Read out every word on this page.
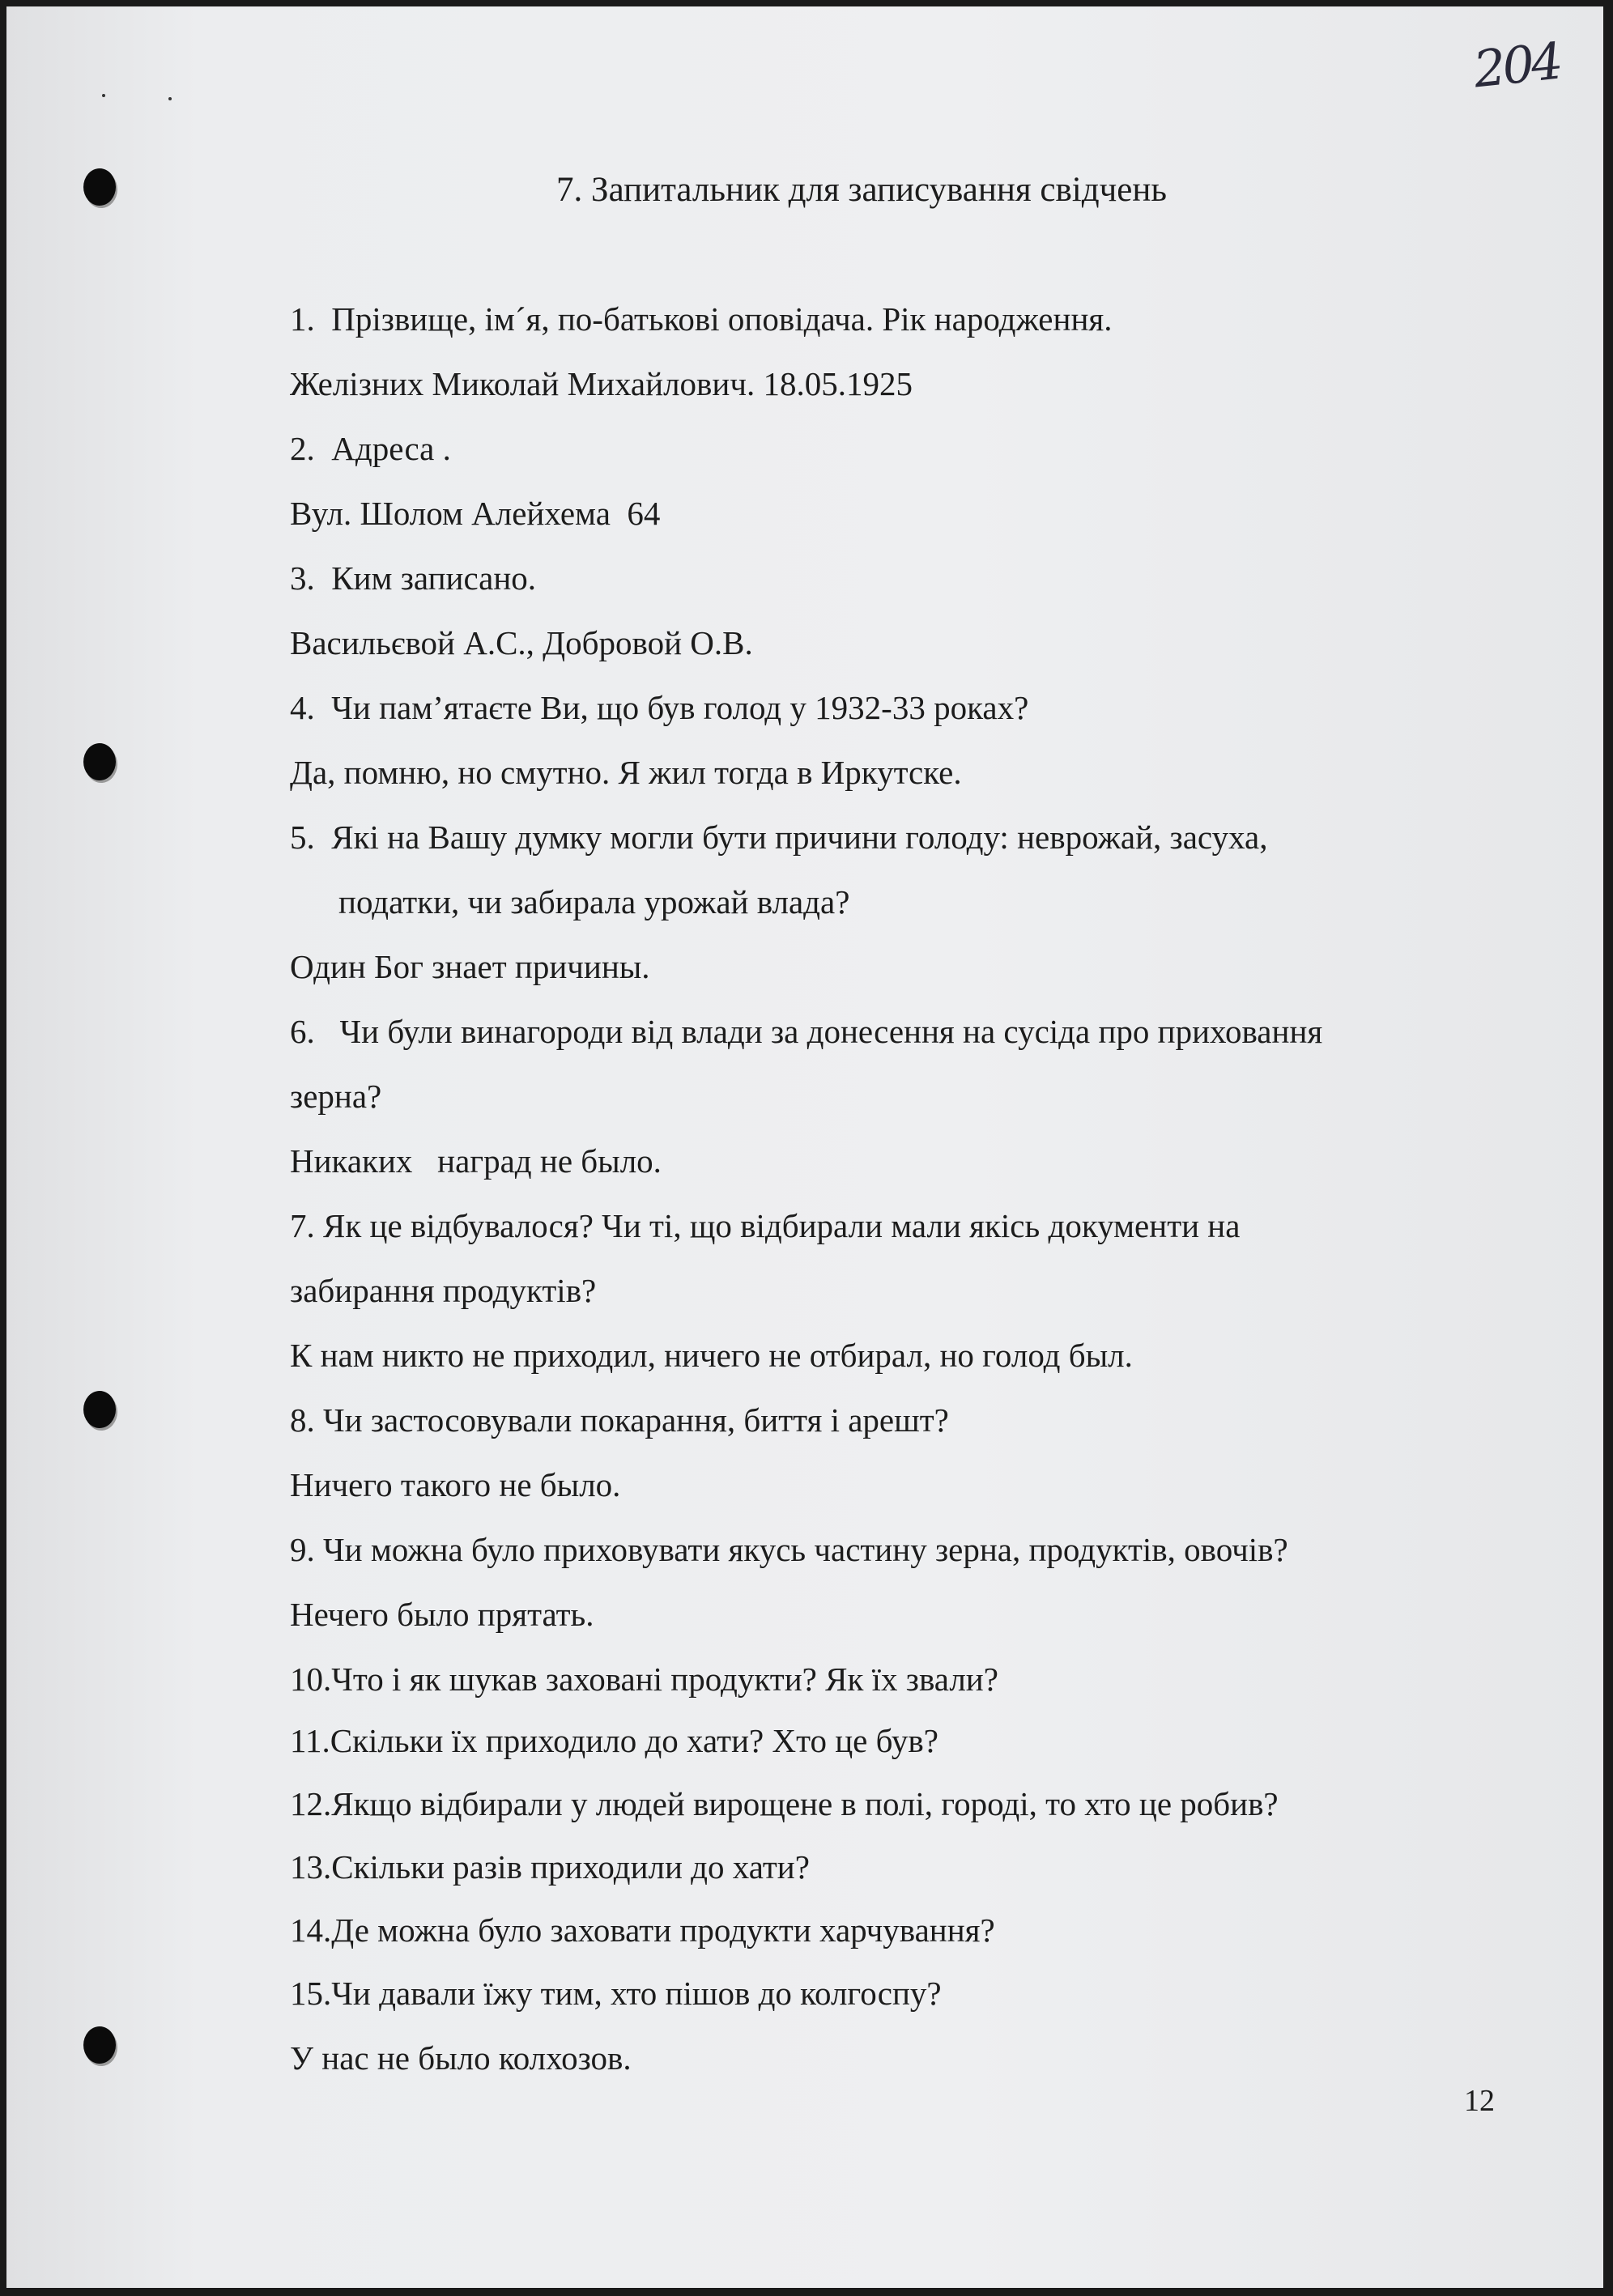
204
7. Запитальник для записування свідчень
1.  Прізвище, ім´я, по-батькові оповідача. Рік народження.
Желізних Миколай Михайлович. 18.05.1925
2.  Адреса .
Вул. Шолом Алейхема  64
3.  Ким записано.
Васильєвой А.С., Добровой О.В.
4.  Чи пам’ятаєте Ви, що був голод у 1932-33 роках?
Да, помню, но смутно. Я жил тогда в Иркутске.
5.  Які на Вашу думку могли бути причини голоду: неврожай, засуха,
податки, чи забирала урожай влада?
Один Бог знает причины.
6.   Чи були винагороди від влади за донесення на сусіда про приховання
зерна?
Никаких   наград не было.
7. Як це відбувалося? Чи ті, що відбирали мали якісь документи на
забирання продуктів?
К нам никто не приходил, ничего не отбирал, но голод был.
8. Чи застосовували покарання, биття і арешт?
Ничего такого не было.
9. Чи можна було приховувати якусь частину зерна, продуктів, овочів?
Нечего было прятать.
10.Что і як шукав заховані продукти? Як їх звали?
11.Скільки їх приходило до хати? Хто це був?
12.Якщо відбирали у людей вирощене в полі, городі, то хто це робив?
13.Скільки разів приходили до хати?
14.Де можна було заховати продукти харчування?
15.Чи давали їжу тим, хто пішов до колгоспу?
У нас не было колхозов.
12
